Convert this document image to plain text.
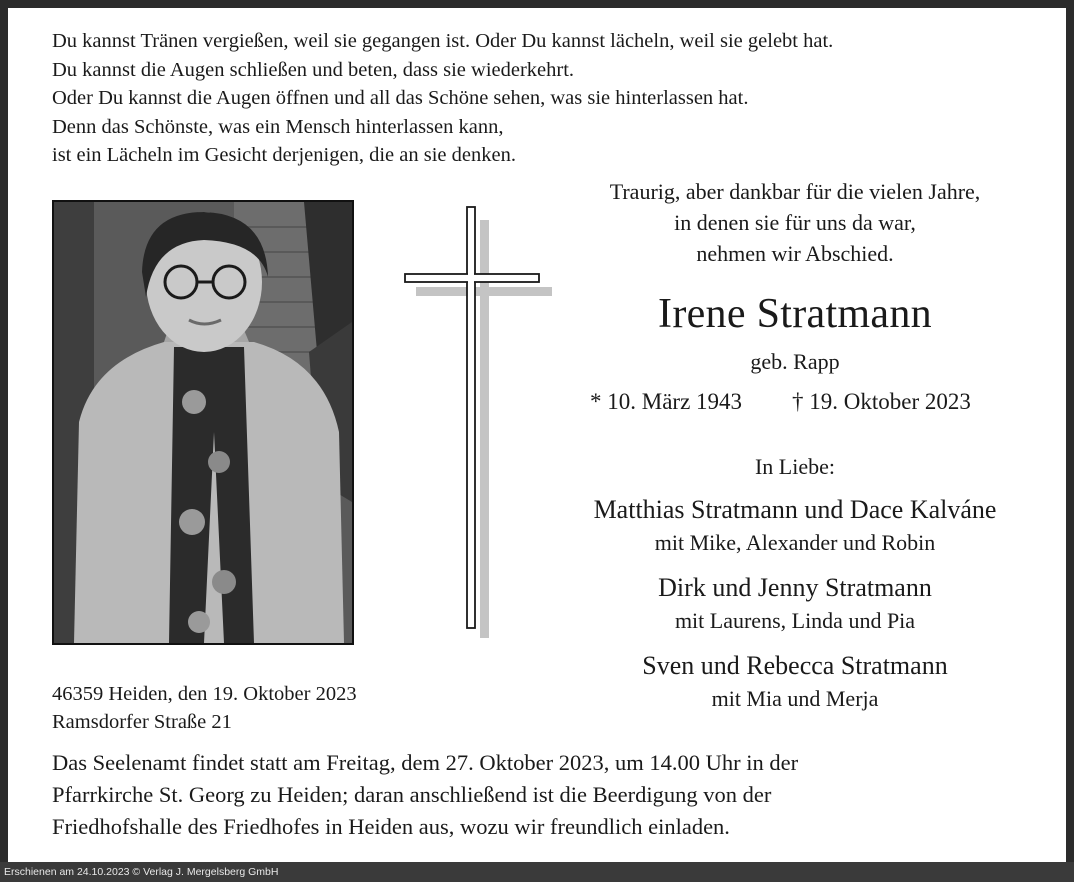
Du kannst Tränen vergießen, weil sie gegangen ist. Oder Du kannst lächeln, weil sie gelebt hat.
Du kannst die Augen schließen und beten, dass sie wiederkehrt.
Oder Du kannst die Augen öffnen und all das Schöne sehen, was sie hinterlassen hat.
Denn das Schönste, was ein Mensch hinterlassen kann,
ist ein Lächeln im Gesicht derjenigen, die an sie denken.
Traurig, aber dankbar für die vielen Jahre,
in denen sie für uns da war,
nehmen wir Abschied.
Irene Stratmann
geb. Rapp
* 10. März 1943 † 19. Oktober 2023
In Liebe:
Matthias Stratmann und Dace Kalváne
mit Mike, Alexander und Robin
Dirk und Jenny Stratmann
mit Laurens, Linda und Pia
Sven und Rebecca Stratmann
mit Mia und Merja
46359 Heiden, den 19. Oktober 2023
Ramsdorfer Straße 21
Das Seelenamt findet statt am Freitag, dem 27. Oktober 2023, um 14.00 Uhr in der
Pfarrkirche St. Georg zu Heiden; daran anschließend ist die Beerdigung von der
Friedhofshalle des Friedhofes in Heiden aus, wozu wir freundlich einladen.
Erschienen am 24.10.2023 © Verlag J. Mergelsberg GmbH
